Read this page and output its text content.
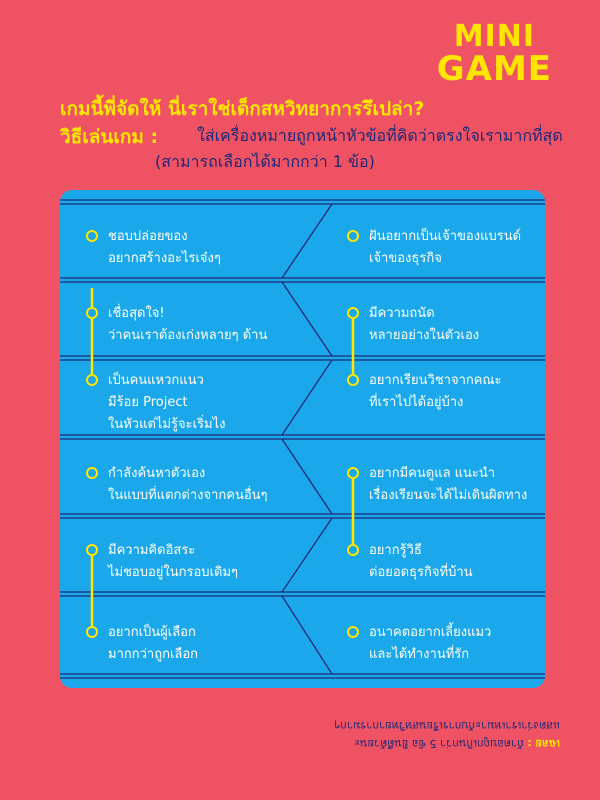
MINI
GAME
เกมนี้พี่จัดให้ นี่เราใช่เด็กสหวิทยาการรึเปล่า?
วิธีเล่นเกม : ใส่เครื่องหมายถูกหน้าหัวข้อที่คิดว่าตรงใจเรามากที่สุด
(สามารถเลือกได้มากกว่า 1 ข้อ)
ชอบปล่อยของ
อยากสร้างอะไรเจ๋งๆ
เชื่อสุดใจ!
ว่าคนเราต้องเก่งหลายๆ ด้าน
เป็นคนแหวกแนว
มีร้อย Project
ในหัวแต่ไม่รู้จะเริ่มไง
กำลังค้นหาตัวเอง
ในแบบที่แตกต่างจากคนอื่นๆ
มีความคิดอิสระ
ไม่ชอบอยู่ในกรอบเดิมๆ
อยากเป็นผู้เลือก
มากกว่าถูกเลือก
ฝันอยากเป็นเจ้าของแบรนด์
เจ้าของธุรกิจ
มีความถนัด
หลายอย่างในตัวเอง
อยากเรียนวิชาจากคณะ
ที่เราไปได้อยู่บ้าง
อยากมีคนดูแล แนะนำ
เรื่องเรียนจะได้ไม่เดินผิดทาง
อยากรู้วิธี
ต่อยอดธุรกิจที่บ้าน
อนาคตอยากเลี้ยงแมว
และได้ทำงานที่รัก
เฉลย : ถ้าตอบถูกเกินกว่า 5 ข้อ ยินดีด้วยนะ
แสดงว่าเราเหมาะกับการเรียนสหวิทยาการมากๆ
